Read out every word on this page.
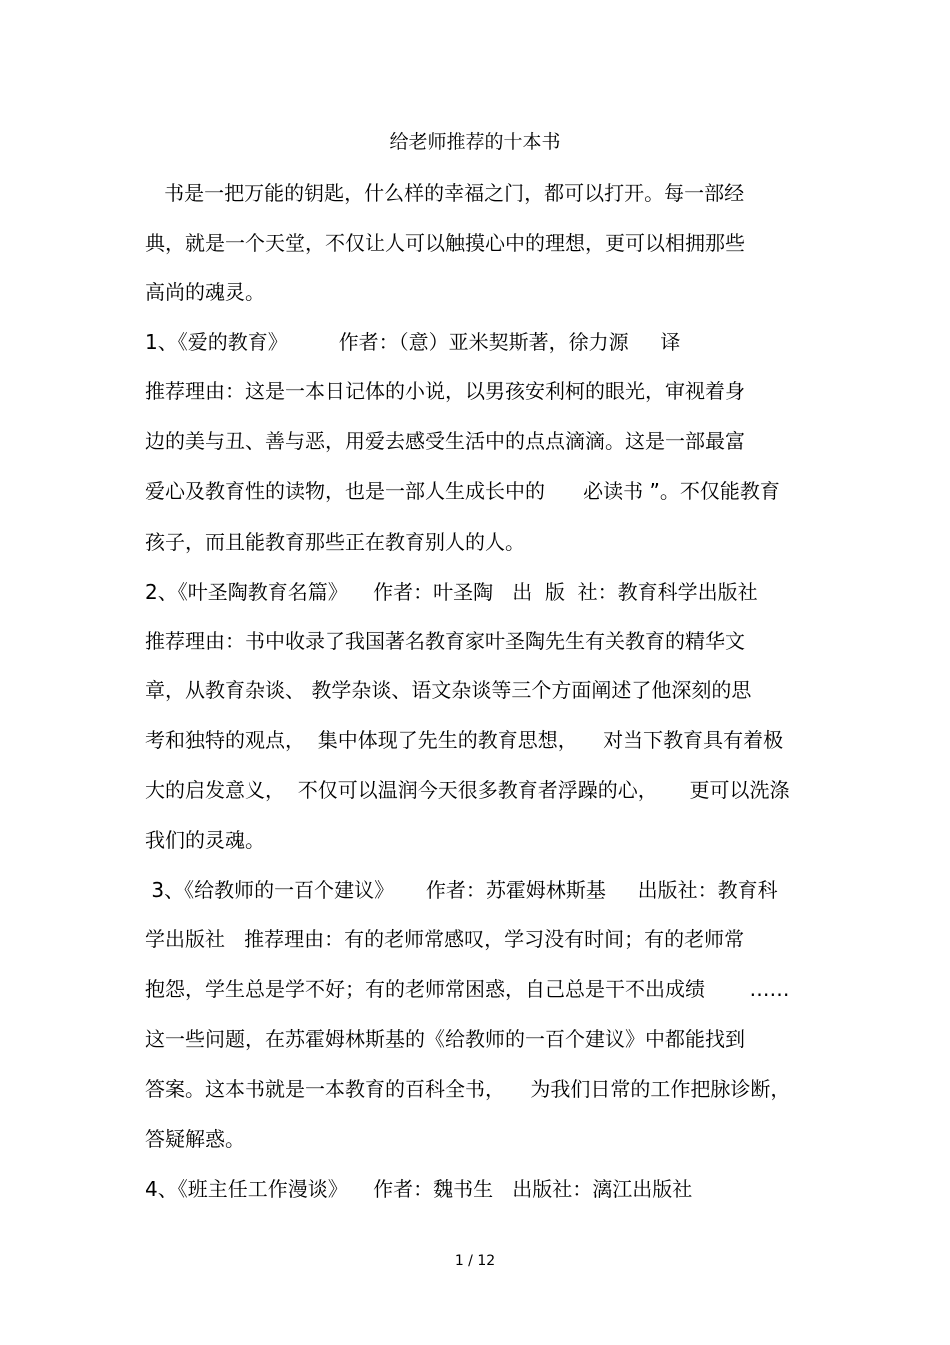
给老师推荐的十本书
书是一把万能的钥匙，什么样的幸福之门，都可以打开。每一部经
典，就是一个天堂，不仅让人可以触摸心中的理想，更可以相拥那些
高尚的魂灵。
1、《爱的教育》        作者：（意）亚米契斯著，徐力源     译
推荐理由：这是一本日记体的小说，以男孩安利柯的眼光，审视着身
边的美与丑、善与恶，用爱去感受生活中的点点滴滴。这是一部最富
爱心及教育性的读物，也是一部人生成长中的      必读书 ”。不仅能教育
孩子，而且能教育那些正在教育别人的人。
2、《叶圣陶教育名篇》    作者：叶圣陶   出  版  社：教育科学出版社
推荐理由：书中收录了我国著名教育家叶圣陶先生有关教育的精华文
章，从教育杂谈、 教学杂谈、语文杂谈等三个方面阐述了他深刻的思
考和独特的观点，  集中体现了先生的教育思想，    对当下教育具有着极
大的启发意义，  不仅可以温润今天很多教育者浮躁的心，     更可以洗涤
我们的灵魂。
3、《给教师的一百个建议》     作者：苏霍姆林斯基     出版社：教育科
学出版社   推荐理由：有的老师常感叹，学习没有时间；有的老师常
抱怨，学生总是学不好；有的老师常困惑，自己总是干不出成绩       ……
这一些问题，在苏霍姆林斯基的《给教师的一百个建议》中都能找到
答案。这本书就是一本教育的百科全书，    为我们日常的工作把脉诊断，
答疑解惑。
4、《班主任工作漫谈》    作者：魏书生   出版社：漓江出版社
1 / 12
